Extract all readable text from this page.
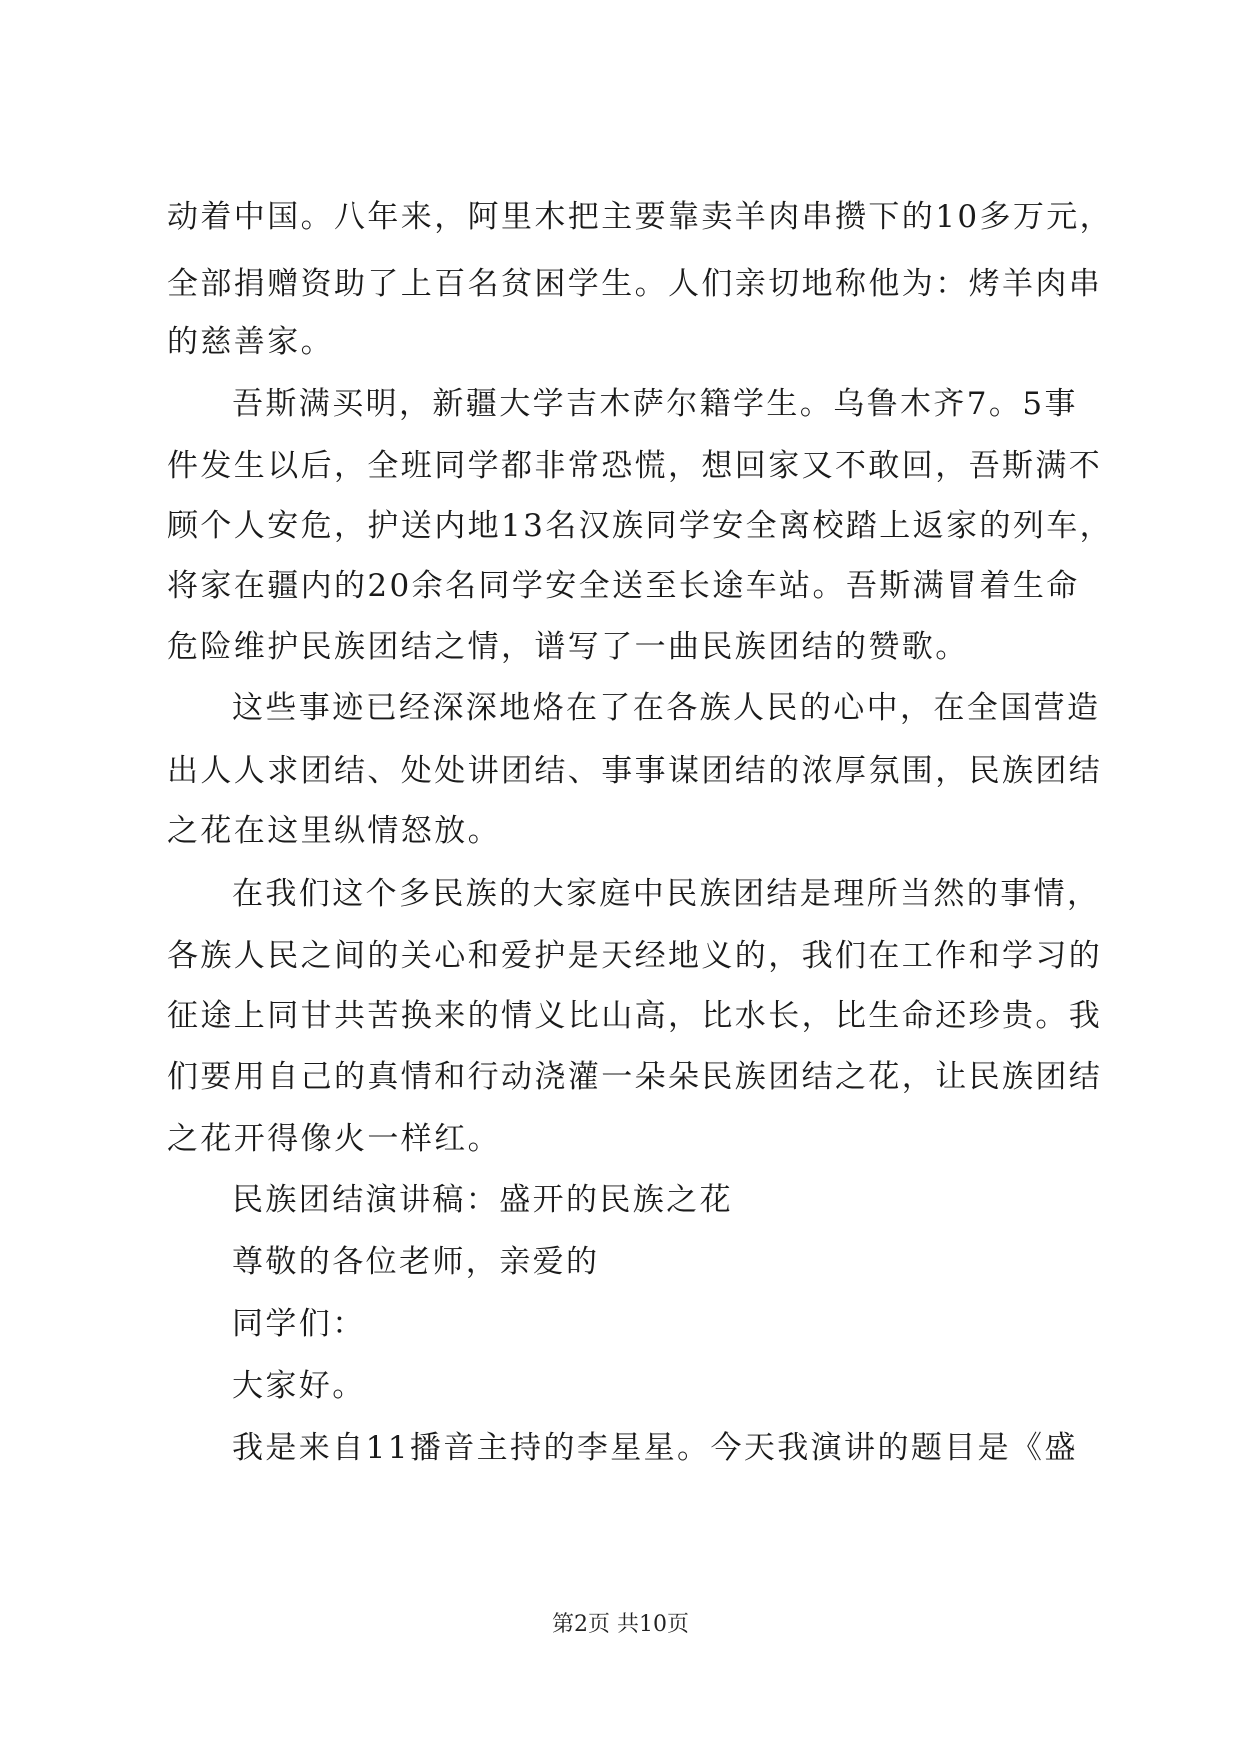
动着中国。八年来，阿里木把主要靠卖羊肉串攒下的10多万元，
全部捐赠资助了上百名贫困学生。人们亲切地称他为：烤羊肉串
的慈善家。
吾斯满买明，新疆大学吉木萨尔籍学生。乌鲁木齐7。5事
件发生以后，全班同学都非常恐慌，想回家又不敢回，吾斯满不
顾个人安危，护送内地13名汉族同学安全离校踏上返家的列车，
将家在疆内的20余名同学安全送至长途车站。吾斯满冒着生命
危险维护民族团结之情，谱写了一曲民族团结的赞歌。
这些事迹已经深深地烙在了在各族人民的心中，在全国营造
出人人求团结、处处讲团结、事事谋团结的浓厚氛围，民族团结
之花在这里纵情怒放。
在我们这个多民族的大家庭中民族团结是理所当然的事情，
各族人民之间的关心和爱护是天经地义的，我们在工作和学习的
征途上同甘共苦换来的情义比山高，比水长，比生命还珍贵。我
们要用自己的真情和行动浇灌一朵朵民族团结之花，让民族团结
之花开得像火一样红。
民族团结演讲稿：盛开的民族之花
尊敬的各位老师，亲爱的
同学们：
大家好。
我是来自11播音主持的李星星。今天我演讲的题目是《盛
第2页 共10页
